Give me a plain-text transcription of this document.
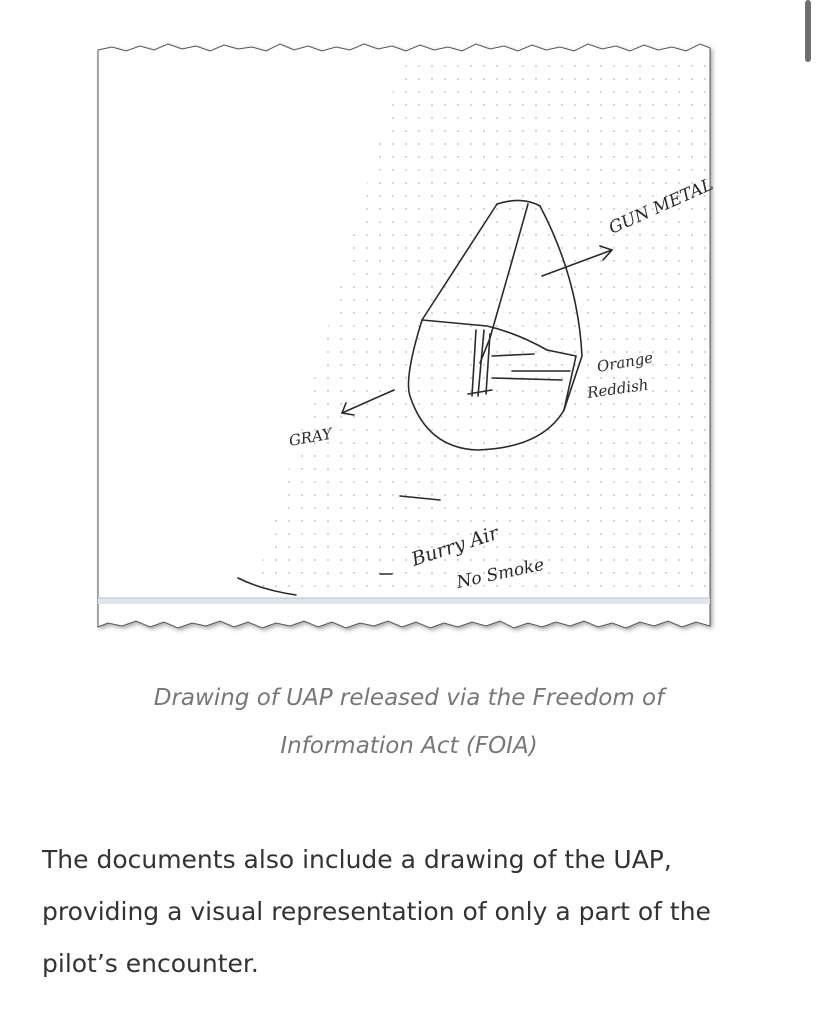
GUN METAL
Orange
Reddish
GRAY
Burry Air
No Smoke
Drawing of UAP released via the Freedom of Information Act (FOIA)

The documents also include a drawing of the UAP, providing a visual representation of only a part of the pilot’s encounter.
